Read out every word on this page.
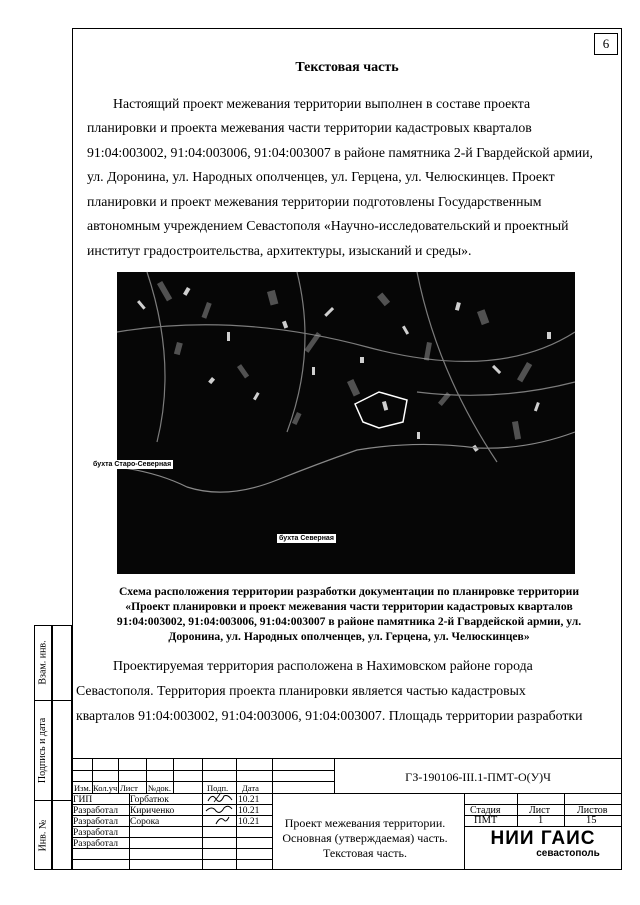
6
Текстовая часть

Настоящий проект межевания территории выполнен в составе проекта

планировки и проекта межевания части территории кадастровых кварталов

91:04:003002, 91:04:003006, 91:04:003007 в районе памятника 2-й Гвардейской армии,

ул. Доронина, ул. Народных ополченцев, ул. Герцена, ул. Челюскинцев. Проект

планировки и проект межевания территории подготовлены Государственным

автономным учреждением Севастополя «Научно-исследовательский и проектный

институт градостроительства, архитектуры, изысканий и среды».

бухта Старо-Северная
бухта Северная
Схема расположения территории разработки документации по планировке территории
«Проект планировки и проект межевания части территории кадастровых кварталов
91:04:003002, 91:04:003006, 91:04:003007 в районе памятника 2-й Гвардейской армии, ул.
Доронина, ул. Народных ополченцев, ул. Герцена, ул. Челюскинцев»

Проектируемая территория расположена в Нахимовском районе города

Севастополя. Территория проекта планировки является частью кадастровых

кварталов 91:04:003002, 91:04:003006, 91:04:003007. Площадь территории разработки

Взам. инв.
Подпись и дата
Инв. №
Изм. Кол.уч Лист №док.	Подп. Дата
ГЗ-190106-III.1-ПМТ-О(У)Ч
ГИП	Горбатюк	10.21
Разработал Кириченко	10.21
Разработал Сорока	10.21
Разработал
Разработал
Проект межевания территории.
Основная (утверждаемая) часть.
Текстовая часть.
Стадия	Лист	Листов
ПМТ	1	15
НИИ ГАИС
севастополь
